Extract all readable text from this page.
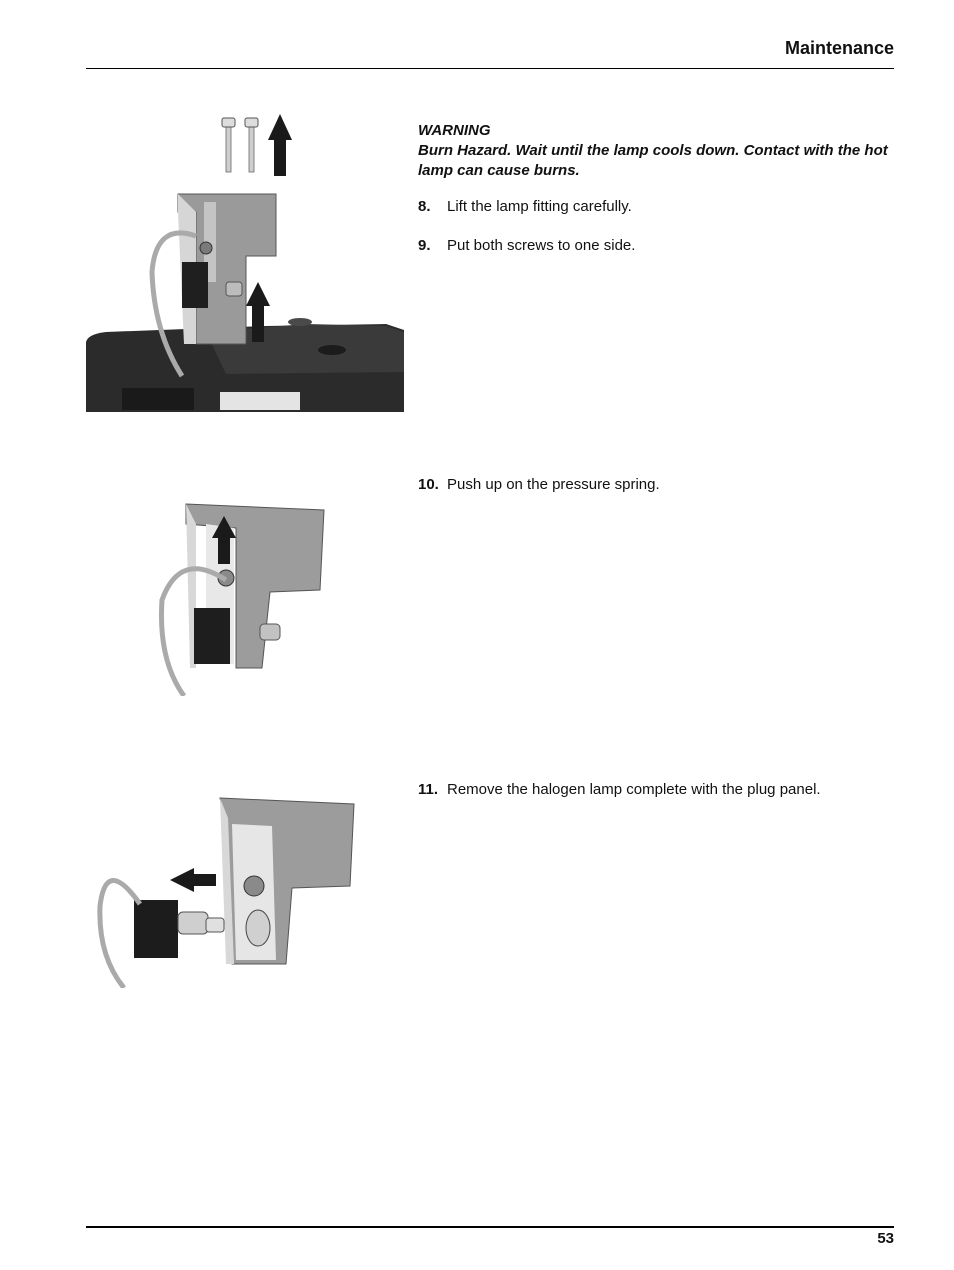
Maintenance
WARNING
Burn Hazard. Wait until the lamp cools down. Contact with the hot lamp can cause burns.
8. Lift the lamp fitting carefully.
9. Put both screws to one side.
10. Push up on the pressure spring.
11. Remove the halogen lamp complete with the plug panel.
53
